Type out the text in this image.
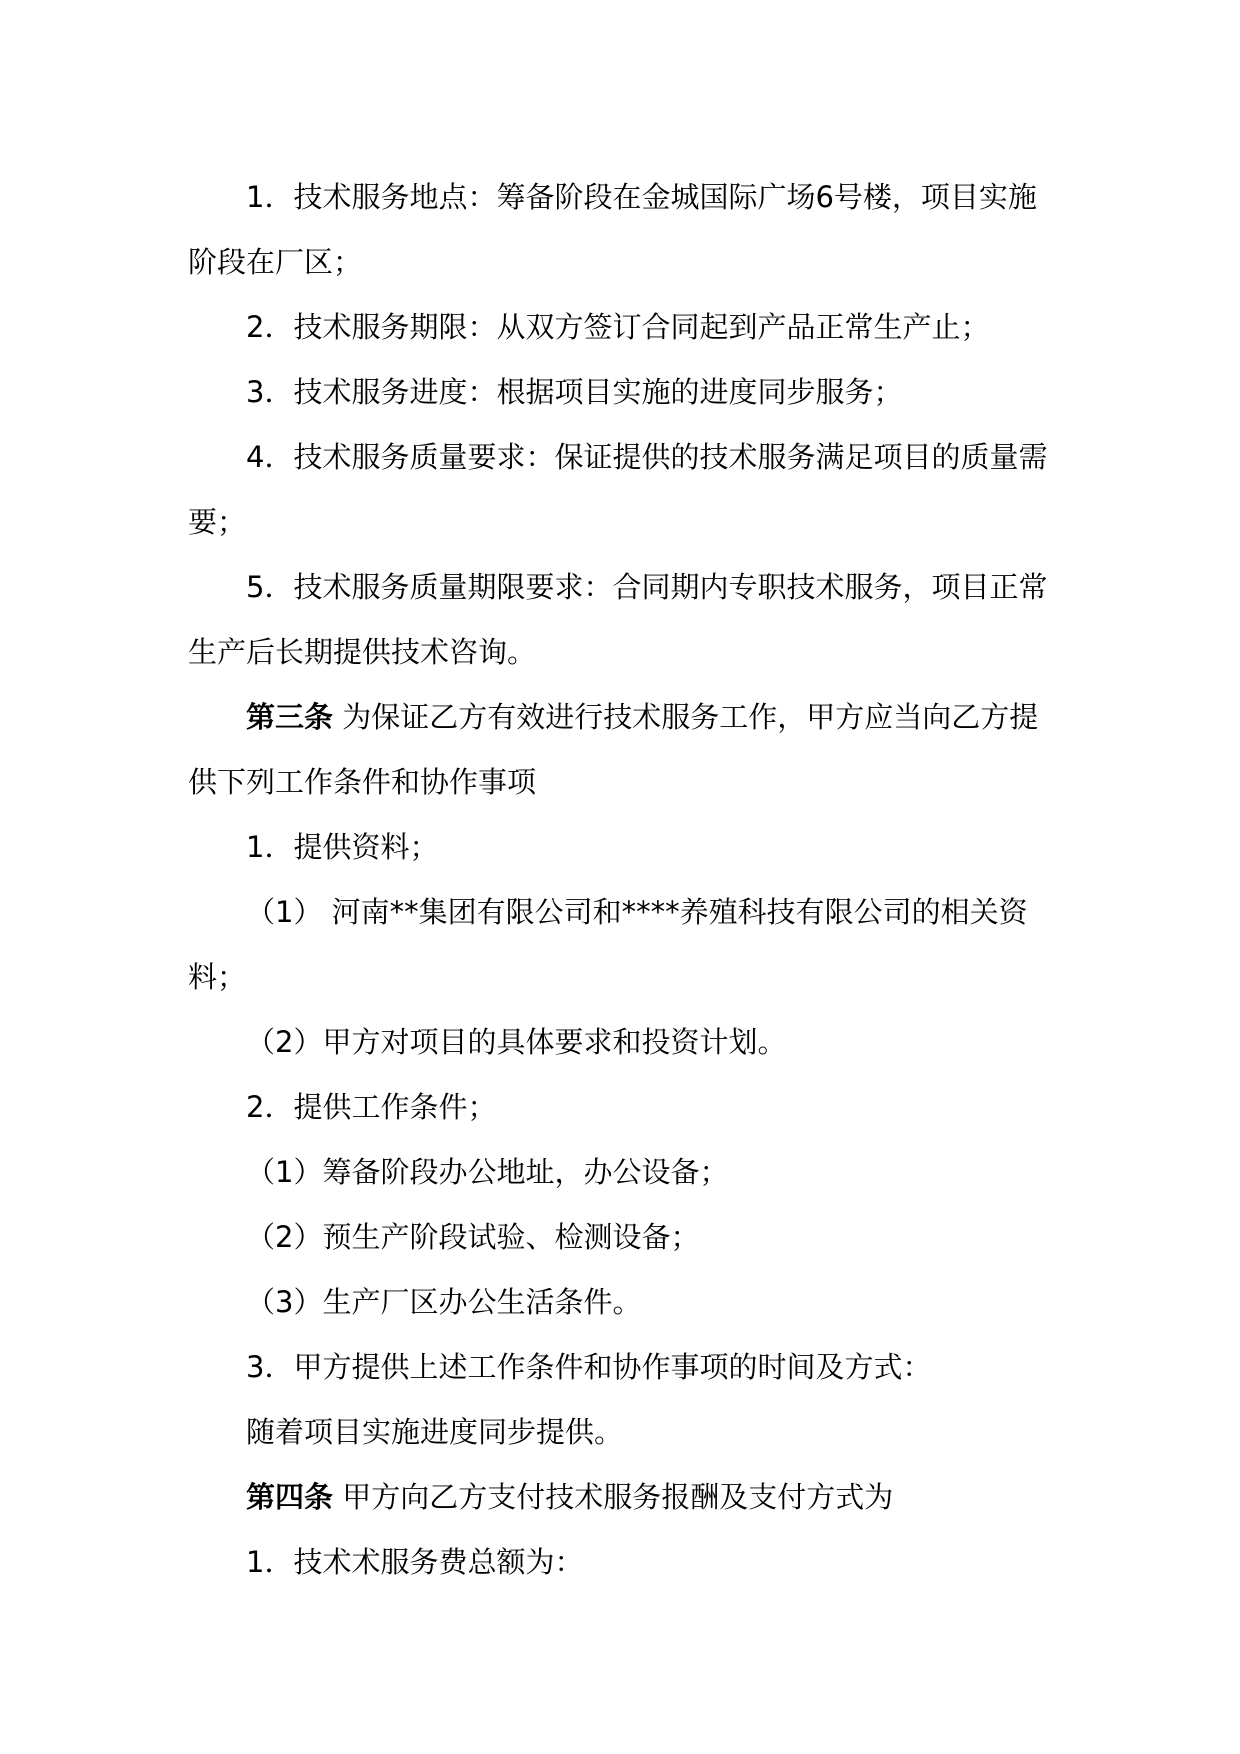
1．技术服务地点：筹备阶段在金城国际广场6号楼，项目实施阶段在厂区；

2．技术服务期限：从双方签订合同起到产品正常生产止；

3．技术服务进度：根据项目实施的进度同步服务；

4．技术服务质量要求：保证提供的技术服务满足项目的质量需要；

5．技术服务质量期限要求：合同期内专职技术服务，项目正常生产后长期提供技术咨询。

第三条 为保证乙方有效进行技术服务工作，甲方应当向乙方提供下列工作条件和协作事项

1．提供资料；

（1） 河南**集团有限公司和****养殖科技有限公司的相关资料；

（2）甲方对项目的具体要求和投资计划。

2．提供工作条件；

（1）筹备阶段办公地址，办公设备；

（2）预生产阶段试验、检测设备；

（3）生产厂区办公生活条件。

3．甲方提供上述工作条件和协作事项的时间及方式：

随着项目实施进度同步提供。

第四条 甲方向乙方支付技术服务报酬及支付方式为

1．技术术服务费总额为：
